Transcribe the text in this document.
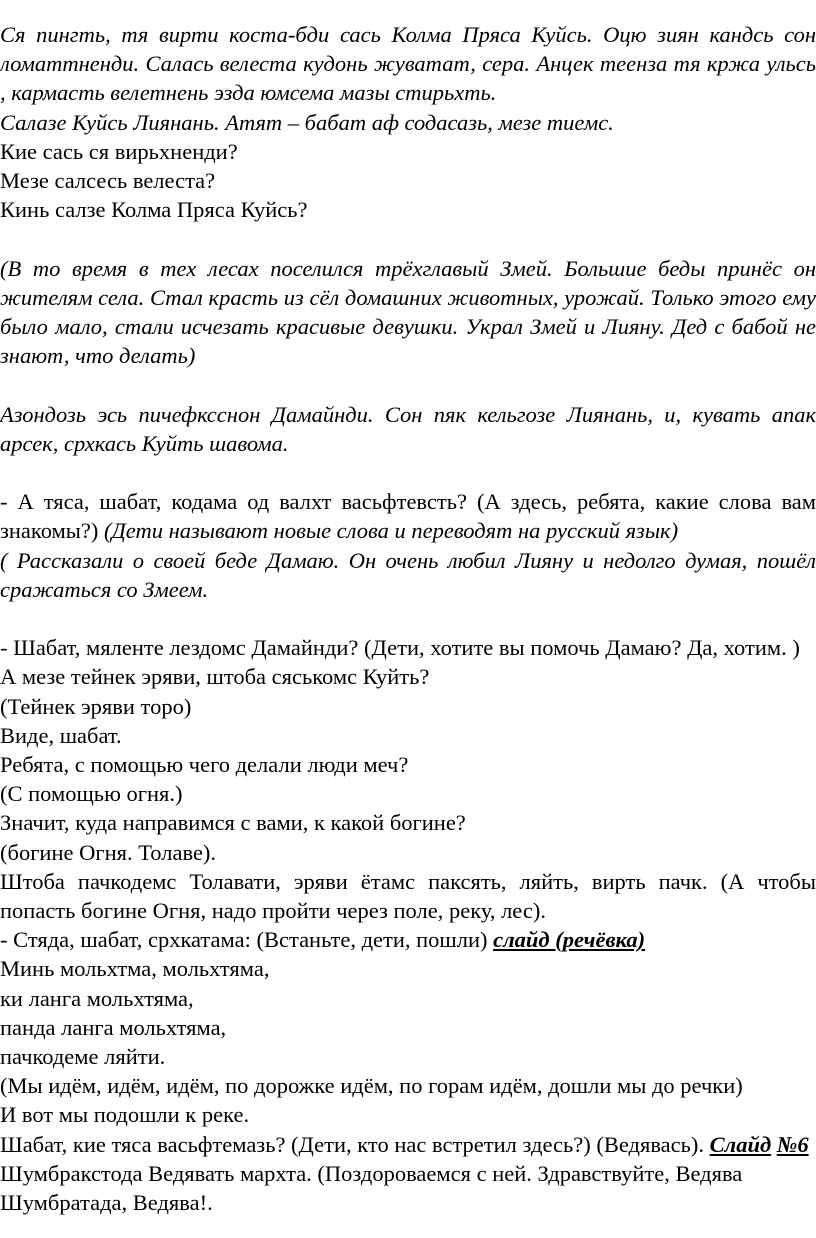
Ся пингть, тя вирти коста-бди сась Колма Пряса Куйсь. Оцю зиян кандсь сон ломаттненди. Салась велеста кудонь жуватат, сера. Анцек теенза тя кржа ульсь , кармасть велетнень эзда юмсема мазы стирьхть.

Салазе Куйсь Лиянань. Атят – бабат аф содасазь, мезе тиемс.

Кие сась ся вирьхненди?

Мезе салсесь велеста?

Кинь салзе Колма Пряса Куйсь?

(В то время в тех лесах поселился трёхглавый Змей. Большие беды принёс он жителям села. Стал красть из сёл домашних животных, урожай. Только этого ему было мало, стали исчезать красивые девушки. Украл Змей и Лияну. Дед с бабой не знают, что делать)

Азондозь эсь пичефксснон Дамайнди. Сон пяк кельгозе Лиянань, и, кувать апак арсек, срхкась Куйть шавома.

- А тяса, шабат, кодама од валхт васьфтевсть? (А здесь, ребята, какие слова вам знакомы?) (Дети называют новые слова и переводят на русский язык)

( Рассказали о своей беде Дамаю. Он очень любил Лияну и недолго думая, пошёл сражаться со Змеем.

- Шабат, мяленте лездомс Дамайнди? (Дети, хотите вы помочь Дамаю? Да, хотим. )

А мезе тейнек эряви, штоба сяськомс Куйть?

(Тейнек эряви торо)

Виде, шабат.

Ребята, с помощью чего делали люди меч?

(С помощью огня.)

Значит, куда направимся с вами, к какой богине?

(богине Огня. Толаве).

Штоба пачкодемс Толавати, эряви ётамс паксять, ляйть, вирть пачк. (А чтобы попасть богине Огня, надо пройти через поле, реку, лес).

- Стяда, шабат, срхкатама: (Встаньте, дети, пошли) слайд (речёвка)

Минь мольхтма, мольхтяма,

ки ланга мольхтяма,

панда ланга мольхтяма,

пачкодеме ляйти.

(Мы идём, идём, идём, по дорожке идём, по горам идём, дошли мы до речки)

И вот мы подошли к реке.

Шабат, кие тяса васьфтемазь? (Дети, кто нас встретил здесь?) (Ведявась). Слайд №6

Шумбракстода Ведявать мархта. (Поздороваемся с ней. Здравствуйте, Ведява

Шумбратада, Ведява!.
